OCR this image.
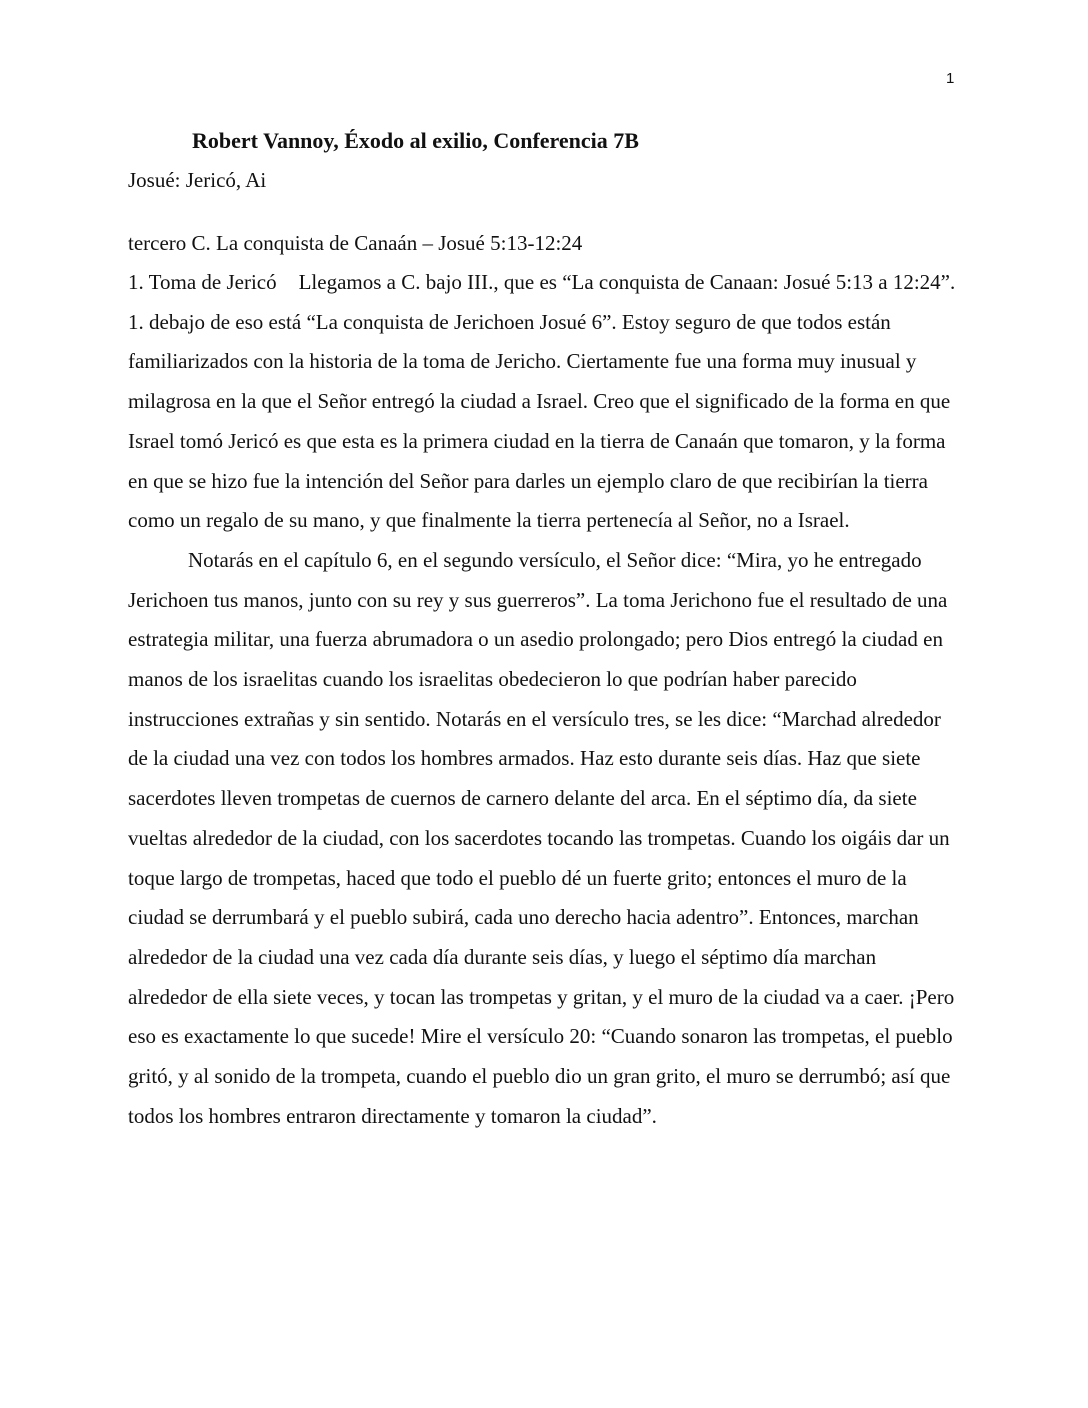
1
Robert Vannoy, Éxodo al exilio, Conferencia 7B
Josué: Jericó, Ai
tercero C. La conquista de Canaán – Josué 5:13-12:24

1. Toma de Jericó Llegamos a C. bajo III., que es “La conquista de Canaan: Josué 5:13 a 12:24”. 1. debajo de eso está “La conquista de Jerichoen Josué 6”. Estoy seguro de que todos están familiarizados con la historia de la toma de Jericho. Ciertamente fue una forma muy inusual y milagrosa en la que el Señor entregó la ciudad a Israel. Creo que el significado de la forma en que Israel tomó Jericó es que esta es la primera ciudad en la tierra de Canaán que tomaron, y la forma en que se hizo fue la intención del Señor para darles un ejemplo claro de que recibirían la tierra como un regalo de su mano, y que finalmente la tierra pertenecía al Señor, no a Israel.

Notarás en el capítulo 6, en el segundo versículo, el Señor dice: “Mira, yo he entregado Jerichoen tus manos, junto con su rey y sus guerreros”. La toma Jerichono fue el resultado de una estrategia militar, una fuerza abrumadora o un asedio prolongado; pero Dios entregó la ciudad en manos de los israelitas cuando los israelitas obedecieron lo que podrían haber parecido instrucciones extrañas y sin sentido. Notarás en el versículo tres, se les dice: “Marchad alrededor de la ciudad una vez con todos los hombres armados. Haz esto durante seis días. Haz que siete sacerdotes lleven trompetas de cuernos de carnero delante del arca. En el séptimo día, da siete vueltas alrededor de la ciudad, con los sacerdotes tocando las trompetas. Cuando los oigáis dar un toque largo de trompetas, haced que todo el pueblo dé un fuerte grito; entonces el muro de la ciudad se derrumbará y el pueblo subirá, cada uno derecho hacia adentro”. Entonces, marchan alrededor de la ciudad una vez cada día durante seis días, y luego el séptimo día marchan alrededor de ella siete veces, y tocan las trompetas y gritan, y el muro de la ciudad va a caer. ¡Pero eso es exactamente lo que sucede! Mire el versículo 20: “Cuando sonaron las trompetas, el pueblo gritó, y al sonido de la trompeta, cuando el pueblo dio un gran grito, el muro se derrumbó; así que todos los hombres entraron directamente y tomaron la ciudad”.
